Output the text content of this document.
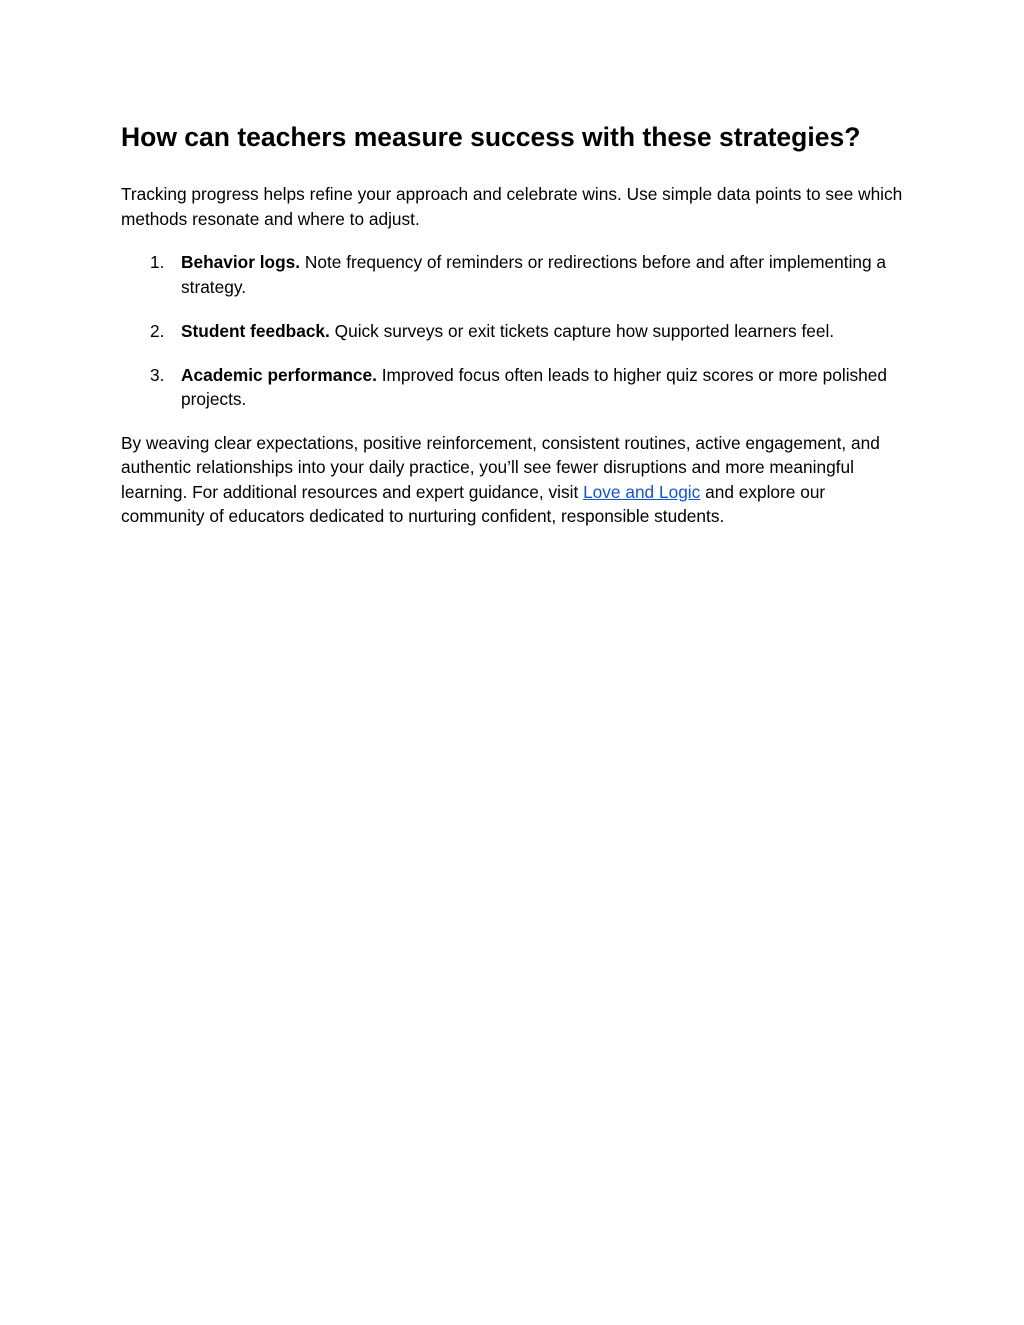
How can teachers measure success with these strategies?

Tracking progress helps refine your approach and celebrate wins. Use simple data points to see which methods resonate and where to adjust.

1. Behavior logs. Note frequency of reminders or redirections before and after implementing a strategy.
2. Student feedback. Quick surveys or exit tickets capture how supported learners feel.
3. Academic performance. Improved focus often leads to higher quiz scores or more polished projects.

By weaving clear expectations, positive reinforcement, consistent routines, active engagement, and authentic relationships into your daily practice, you’ll see fewer disruptions and more meaningful learning. For additional resources and expert guidance, visit Love and Logic and explore our community of educators dedicated to nurturing confident, responsible students.
